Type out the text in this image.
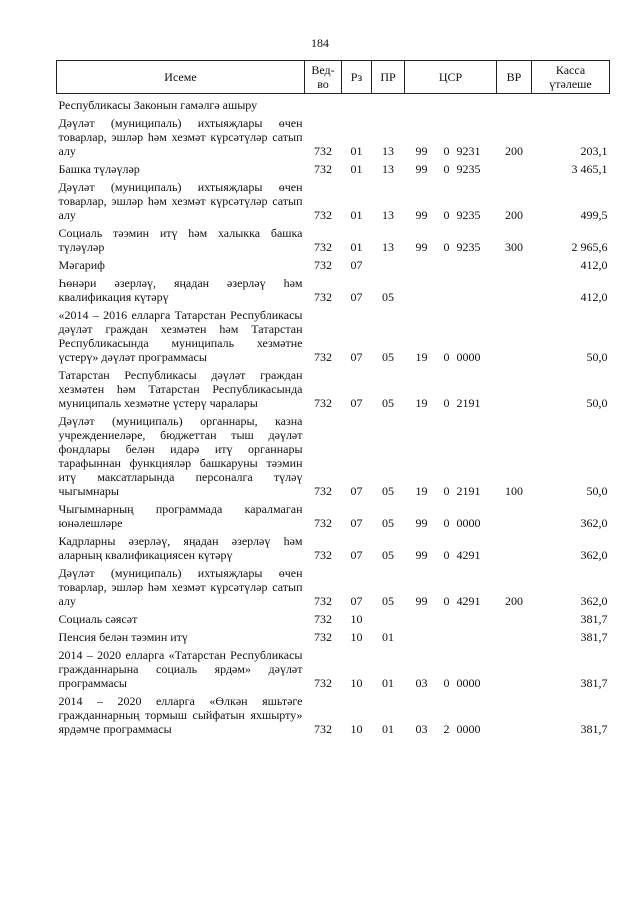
184
Исеме	Вед-во	Рз	ПР	ЦСР			ВР	Касса үтәлеше
Республикасы Законын гамәлгә ашыру								
Дәүләт (муниципаль) ихтыяҗлары өчен товарлар, эшләр һәм хезмәт күрсәтүләр сатып алу	732	01	13	99	0	9231	200	203,1
Башка түләүләр	732	01	13	99	0	9235		3 465,1
Дәүләт (муниципаль) ихтыяҗлары өчен товарлар, эшләр һәм хезмәт күрсәтүләр сатып алу	732	01	13	99	0	9235	200	499,5
Социаль тәэмин итү һәм халыкка башка түләүләр	732	01	13	99	0	9235	300	2 965,6
Мәгариф	732	07						412,0
Һөнәри әзерләү, яңадан әзерләү һәм квалификация күтәрү	732	07	05					412,0
«2014 – 2016 елларга Татарстан Республикасы дәүләт граждан хезмәтен һәм Татарстан Республикасында муниципаль хезмәтне үстерү» дәүләт программасы	732	07	05	19	0	0000		50,0
Татарстан Республикасы дәүләт граждан хезмәтен һәм Татарстан Республикасында муниципаль хезмәтне үстерү чаралары	732	07	05	19	0	2191		50,0
Дәүләт (муниципаль) органнары, казна учреждениеләре, бюджеттан тыш дәүләт фондлары белән идарә итү органнары тарафыннан функцияләр башкаруны тәэмин итү максатларында персоналга түләү чыгымнары	732	07	05	19	0	2191	100	50,0
Чыгымнарның программада каралмаган юнәлешләре	732	07	05	99	0	0000		362,0
Кадрларны әзерләү, яңадан әзерләү һәм аларның квалификациясен күтәрү	732	07	05	99	0	4291		362,0
Дәүләт (муниципаль) ихтыяҗлары өчен товарлар, эшләр һәм хезмәт күрсәтүләр сатып алу	732	07	05	99	0	4291	200	362,0
Социаль сәясәт	732	10						381,7
Пенсия белән тәэмин итү	732	10	01					381,7
2014 – 2020 елларга «Татарстан Республикасы гражданнарына социаль ярдәм» дәүләт программасы	732	10	01	03	0	0000		381,7
2014 – 2020 елларга «Өлкән яшьтәге гражданнарның тормыш сыйфатын яхшырту» ярдәмче программасы	732	10	01	03	2	0000		381,7
